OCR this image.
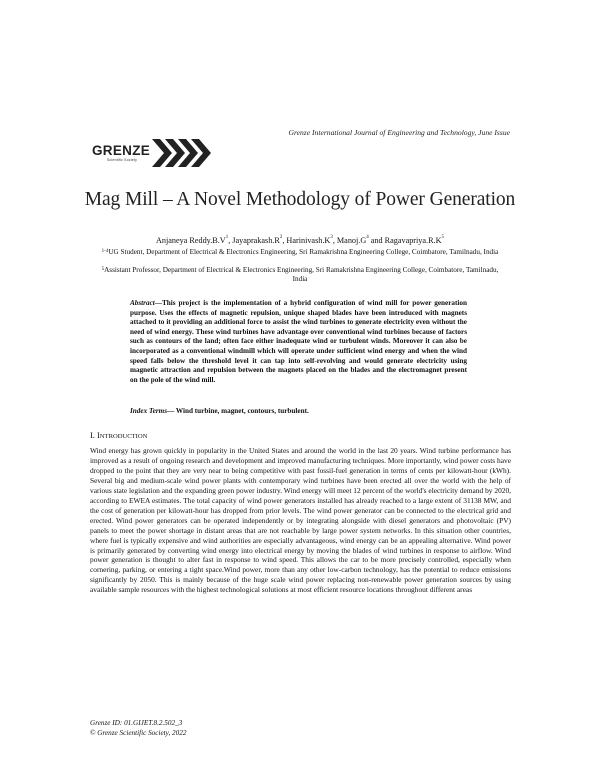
GRENZE
Scientific Society
Grenze International Journal of Engineering and Technology, June Issue
Mag Mill – A Novel Methodology of Power Generation
Anjaneya $Reddy.B.V^1$, $Jayaprakash.R^2$, $Harinivash.K^3$, $Manoj.G^4$ and $Ragavapriya.R.K^5$
$^{1-4}$UG Student, Department of Electrical & Electronics Engineering, Sri Ramakrishna Engineering College, Coimbatore, Tamilnadu, India
$^5$Assistant Professor, Department of Electrical & Electronics Engineering, Sri Ramakrishna Engineering College, Coimbatore, Tamilnadu, India
Abstract—This project is the implementation of a hybrid configuration of wind mill for power generation purpose. Uses the effects of magnetic repulsion, unique shaped blades have been introduced with magnets attached to it providing an additional force to assist the wind turbines to generate electricity even without the need of wind energy. These wind turbines have advantage over conventional wind turbines because of factors such as contours of the land; often face either inadequate wind or turbulent winds. Moreover it can also be incorporated as a conventional windmill which will operate under sufficient wind energy and when the wind speed falls below the threshold level it can tap into self-revolving and would generate electricity using magnetic attraction and repulsion between the magnets placed on the blades and the electromagnet present on the pole of the wind mill.
Index Terms— Wind turbine, magnet, contours, turbulent.
I. INTRODUCTION
Wind energy has grown quickly in popularity in the United States and around the world in the last 20 years. Wind turbine performance has improved as a result of ongoing research and development and improved manufacturing techniques. More importantly, wind power costs have dropped to the point that they are very near to being competitive with past fossil-fuel generation in terms of cents per kilowatt-hour (kWh). Several big and medium-scale wind power plants with contemporary wind turbines have been erected all over the world with the help of various state legislation and the expanding green power industry. Wind energy will meet 12 percent of the world's electricity demand by 2020, according to EWEA estimates. The total capacity of wind power generators installed has already reached to a large extent of 31138 MW, and the cost of generation per kilowatt-hour has dropped from prior levels. The wind power generator can be connected to the electrical grid and erected. Wind power generators can be operated independently or by integrating alongside with diesel generators and photovoltaic (PV) panels to meet the power shortage in distant areas that are not reachable by large power system networks. In this situation other countries, where fuel is typically expensive and wind authorities are especially advantageous, wind energy can be an appealing alternative. Wind power is primarily generated by converting wind energy into electrical energy by moving the blades of wind turbines in response to airflow. Wind power generation is thought to alter fast in response to wind speed. This allows the car to be more precisely controlled, especially when cornering, parking, or entering a tight space.Wind power, more than any other low-carbon technology, has the potential to reduce emissions significantly by 2050. This is mainly because of the huge scale wind power replacing non-renewable power generation sources by using available sample resources with the highest technological solutions at most efficient resource locations throughout different areas
Grenze ID: 01.GIJET.8.2.502_3
© Grenze Scientific Society, 2022
